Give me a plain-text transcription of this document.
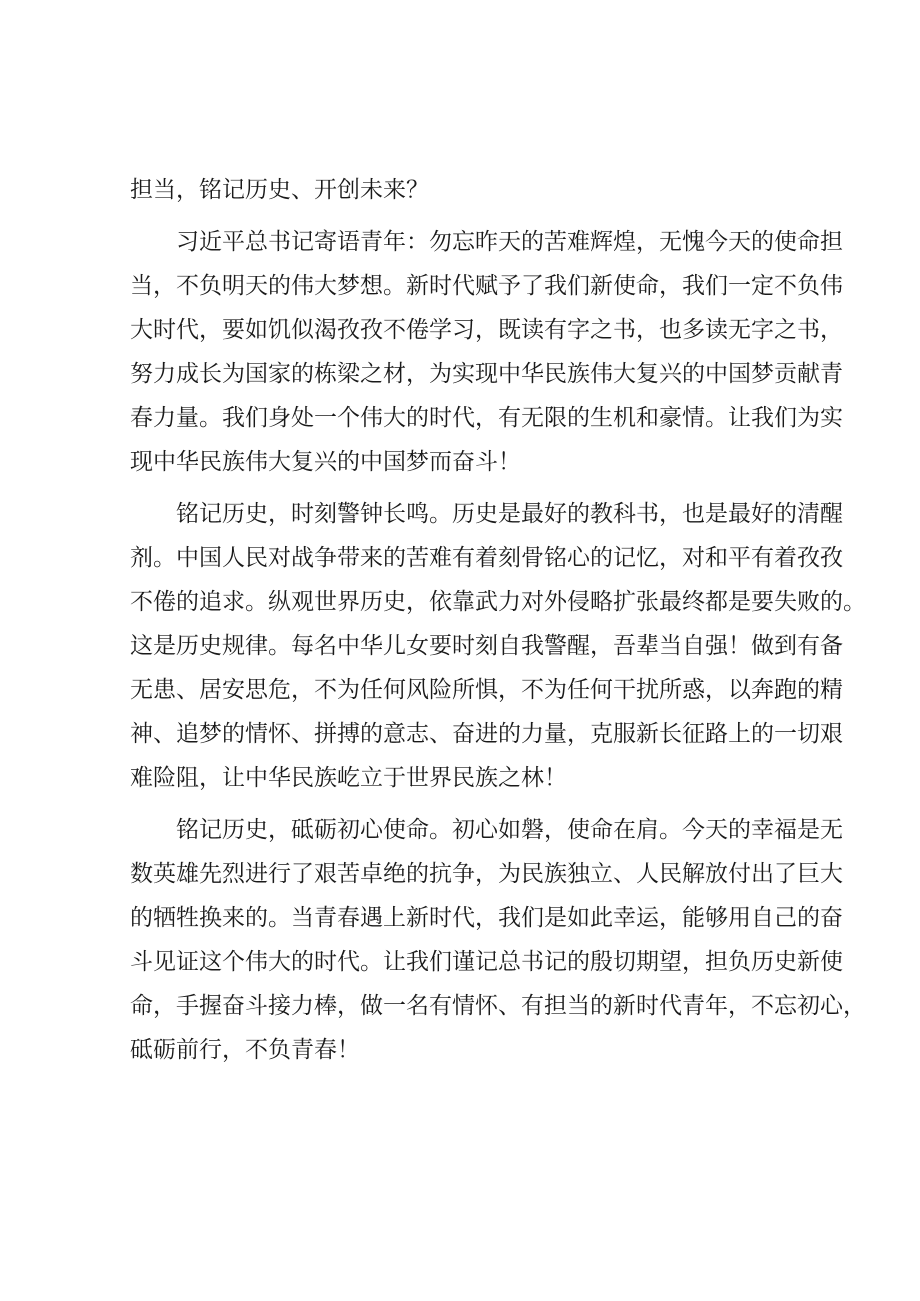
担当，铭记历史、开创未来？

习近平总书记寄语青年：勿忘昨天的苦难辉煌，无愧今天的使命担
当，不负明天的伟大梦想。新时代赋予了我们新使命，我们一定不负伟
大时代，要如饥似渴孜孜不倦学习，既读有字之书，也多读无字之书，
努力成长为国家的栋梁之材，为实现中华民族伟大复兴的中国梦贡献青
春力量。我们身处一个伟大的时代，有无限的生机和豪情。让我们为实
现中华民族伟大复兴的中国梦而奋斗！

铭记历史，时刻警钟长鸣。历史是最好的教科书，也是最好的清醒
剂。中国人民对战争带来的苦难有着刻骨铭心的记忆，对和平有着孜孜
不倦的追求。纵观世界历史，依靠武力对外侵略扩张最终都是要失败的。
这是历史规律。每名中华儿女要时刻自我警醒，吾辈当自强！做到有备
无患、居安思危，不为任何风险所惧，不为任何干扰所惑，以奔跑的精
神、追梦的情怀、拼搏的意志、奋进的力量，克服新长征路上的一切艰
难险阻，让中华民族屹立于世界民族之林！

铭记历史，砥砺初心使命。初心如磐，使命在肩。今天的幸福是无
数英雄先烈进行了艰苦卓绝的抗争，为民族独立、人民解放付出了巨大
的牺牲换来的。当青春遇上新时代，我们是如此幸运，能够用自己的奋
斗见证这个伟大的时代。让我们谨记总书记的殷切期望，担负历史新使
命，手握奋斗接力棒，做一名有情怀、有担当的新时代青年，不忘初心，
砥砺前行，不负青春！
